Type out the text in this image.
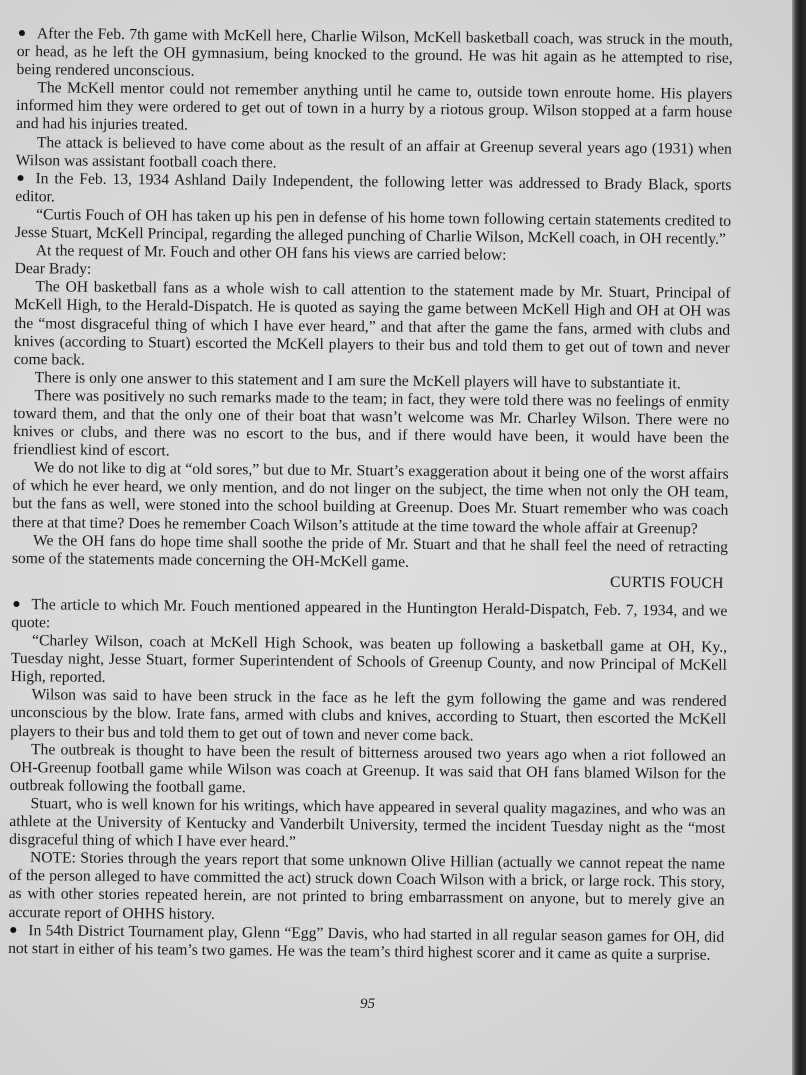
After the Feb. 7th game with McKell here, Charlie Wilson, McKell basketball coach, was struck in the mouth, or head, as he left the OH gymnasium, being knocked to the ground. He was hit again as he attempted to rise, being rendered unconscious.

The McKell mentor could not remember anything until he came to, outside town enroute home. His players informed him they were ordered to get out of town in a hurry by a riotous group. Wilson stopped at a farm house and had his injuries treated.

The attack is believed to have come about as the result of an affair at Greenup several years ago (1931) when Wilson was assistant football coach there.

In the Feb. 13, 1934 Ashland Daily Independent, the following letter was addressed to Brady Black, sports editor.

“Curtis Fouch of OH has taken up his pen in defense of his home town following certain statements credited to Jesse Stuart, McKell Principal, regarding the alleged punching of Charlie Wilson, McKell coach, in OH recently.”

At the request of Mr. Fouch and other OH fans his views are carried below:

Dear Brady:

The OH basketball fans as a whole wish to call attention to the statement made by Mr. Stuart, Principal of McKell High, to the Herald-Dispatch. He is quoted as saying the game between McKell High and OH at OH was the “most disgraceful thing of which I have ever heard,” and that after the game the fans, armed with clubs and knives (according to Stuart) escorted the McKell players to their bus and told them to get out of town and never come back.

There is only one answer to this statement and I am sure the McKell players will have to substantiate it.

There was positively no such remarks made to the team; in fact, they were told there was no feelings of enmity toward them, and that the only one of their boat that wasn’t welcome was Mr. Charley Wilson. There were no knives or clubs, and there was no escort to the bus, and if there would have been, it would have been the friendliest kind of escort.

We do not like to dig at “old sores,” but due to Mr. Stuart’s exaggeration about it being one of the worst affairs of which he ever heard, we only mention, and do not linger on the subject, the time when not only the OH team, but the fans as well, were stoned into the school building at Greenup. Does Mr. Stuart remember who was coach there at that time? Does he remember Coach Wilson’s attitude at the time toward the whole affair at Greenup?

We the OH fans do hope time shall soothe the pride of Mr. Stuart and that he shall feel the need of retracting some of the statements made concerning the OH-McKell game.

CURTIS FOUCH

The article to which Mr. Fouch mentioned appeared in the Huntington Herald-Dispatch, Feb. 7, 1934, and we quote:

“Charley Wilson, coach at McKell High Schook, was beaten up following a basketball game at OH, Ky., Tuesday night, Jesse Stuart, former Superintendent of Schools of Greenup County, and now Principal of McKell High, reported.

Wilson was said to have been struck in the face as he left the gym following the game and was rendered unconscious by the blow. Irate fans, armed with clubs and knives, according to Stuart, then escorted the McKell players to their bus and told them to get out of town and never come back.

The outbreak is thought to have been the result of bitterness aroused two years ago when a riot followed an OH-Greenup football game while Wilson was coach at Greenup. It was said that OH fans blamed Wilson for the outbreak following the football game.

Stuart, who is well known for his writings, which have appeared in several quality magazines, and who was an athlete at the University of Kentucky and Vanderbilt University, termed the incident Tuesday night as the “most disgraceful thing of which I have ever heard.”

NOTE: Stories through the years report that some unknown Olive Hillian (actually we cannot repeat the name of the person alleged to have committed the act) struck down Coach Wilson with a brick, or large rock. This story, as with other stories repeated herein, are not printed to bring embarrassment on anyone, but to merely give an accurate report of OHHS history.

In 54th District Tournament play, Glenn “Egg” Davis, who had started in all regular season games for OH, did not start in either of his team’s two games. He was the team’s third highest scorer and it came as quite a surprise.

95
